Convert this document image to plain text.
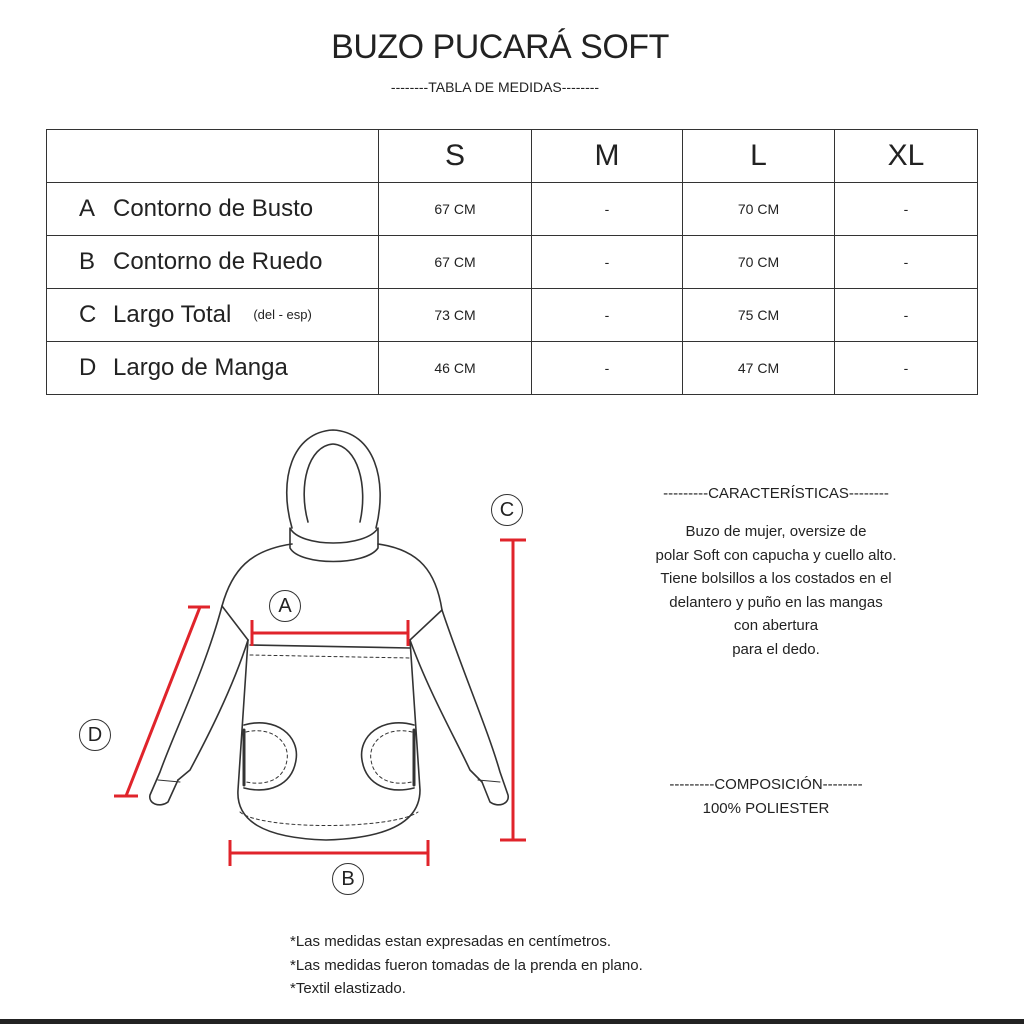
BUZO PUCARÁ SOFT
--------TABLA DE MEDIDAS--------
	S	M	L	XL
A Contorno de Busto	67 CM	-	70 CM	-
B Contorno de Ruedo	67 CM	-	70 CM	-
C Largo Total (del - esp)	73 CM	-	75 CM	-
D Largo de Manga	46 CM	-	47 CM	-
A
B
C
D
---------CARACTERÍSTICAS--------
Buzo de mujer, oversize de
polar Soft con capucha y cuello alto.
Tiene bolsillos a los costados en el
delantero y puño en las mangas
con abertura
para el dedo.
---------COMPOSICIÓN--------
100% POLIESTER
*Las medidas estan expresadas en centímetros.
*Las medidas fueron tomadas de la prenda en plano.
*Textil elastizado.
